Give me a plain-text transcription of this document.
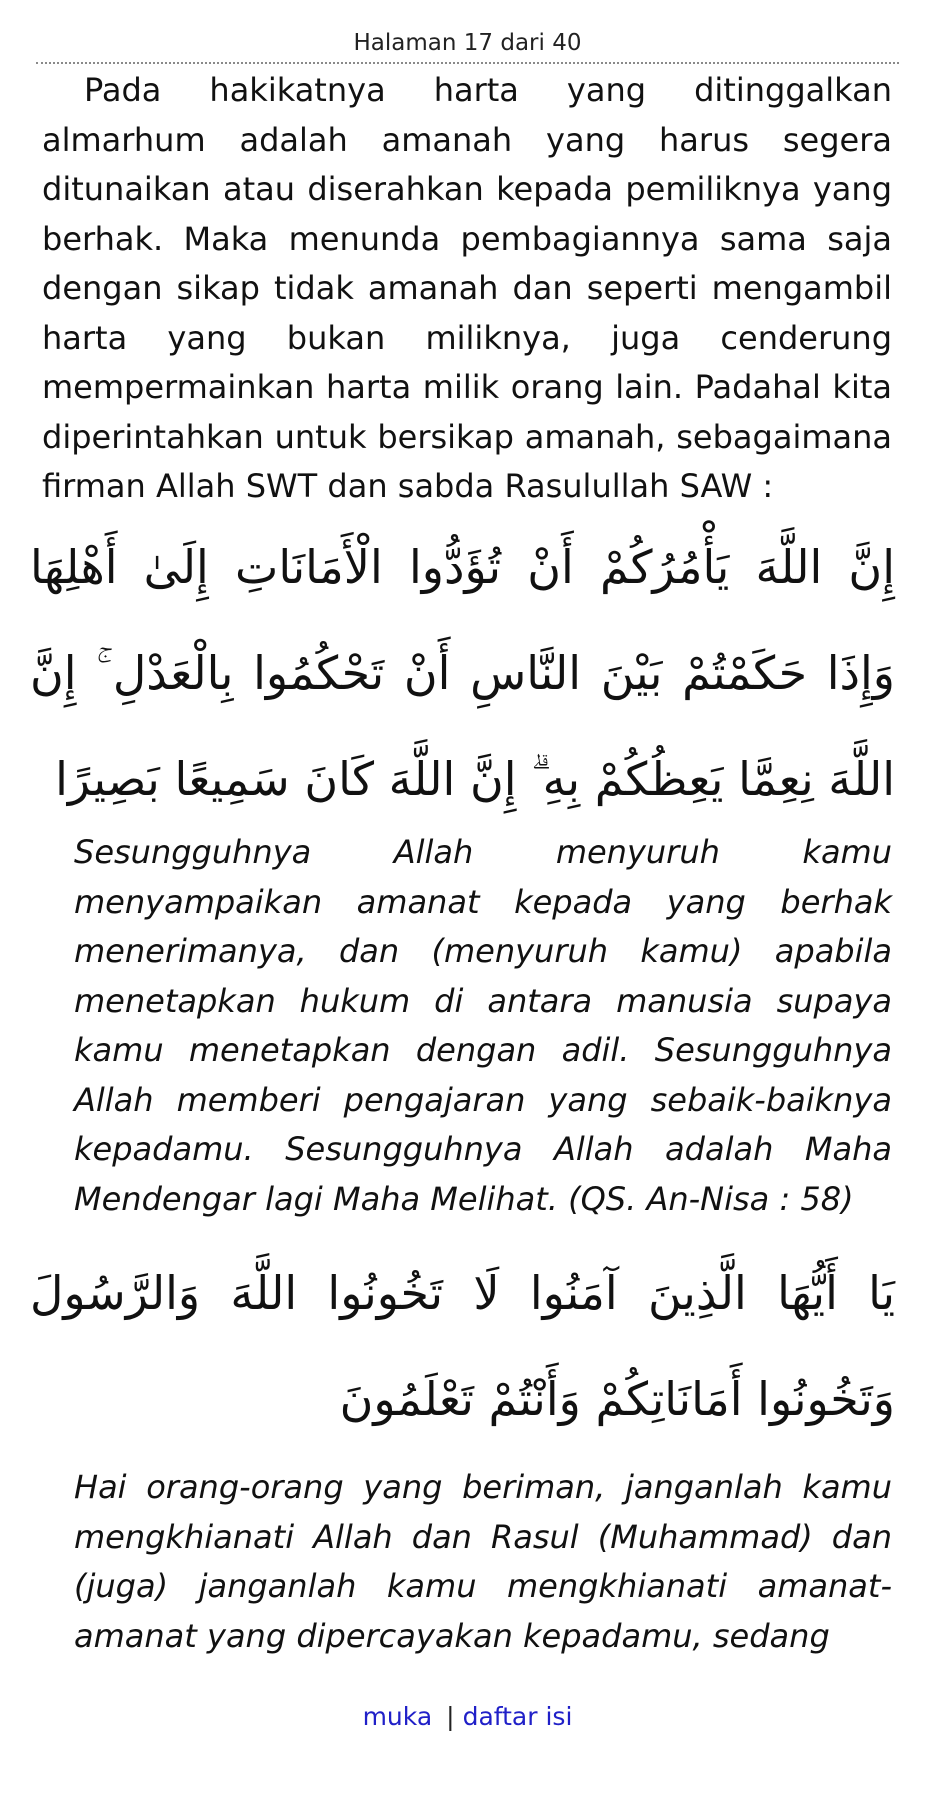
Halaman 17 dari 40

Pada hakikatnya harta yang ditinggalkan almarhum adalah amanah yang harus segera ditunaikan atau diserahkan kepada pemiliknya yang berhak. Maka menunda pembagiannya sama saja dengan sikap tidak amanah dan seperti mengambil harta yang bukan miliknya, juga cenderung mempermainkan harta milik orang lain. Padahal kita diperintahkan untuk bersikap amanah, sebagaimana firman Allah SWT dan sabda Rasulullah SAW :

إِنَّ اللَّهَ يَأْمُرُكُمْ أَنْ تُؤَدُّوا الْأَمَانَاتِ إِلَىٰ أَهْلِهَا وَإِذَا حَكَمْتُمْ بَيْنَ النَّاسِ أَنْ تَحْكُمُوا بِالْعَدْلِ ۚ إِنَّ اللَّهَ نِعِمَّا يَعِظُكُمْ بِهِ ۗ إِنَّ اللَّهَ كَانَ سَمِيعًا بَصِيرًا

Sesungguhnya Allah menyuruh kamu menyampaikan amanat kepada yang berhak menerimanya, dan (menyuruh kamu) apabila menetapkan hukum di antara manusia supaya kamu menetapkan dengan adil. Sesungguhnya Allah memberi pengajaran yang sebaik-baiknya kepadamu. Sesungguhnya Allah adalah Maha Mendengar lagi Maha Melihat. (QS. An-Nisa : 58)

يَا أَيُّهَا الَّذِينَ آمَنُوا لَا تَخُونُوا اللَّهَ وَالرَّسُولَ وَتَخُونُوا أَمَانَاتِكُمْ وَأَنْتُمْ تَعْلَمُونَ

Hai orang-orang yang beriman, janganlah kamu mengkhianati Allah dan Rasul (Muhammad) dan (juga) janganlah kamu mengkhianati amanat-amanat yang dipercayakan kepadamu, sedang

muka | daftar isi
